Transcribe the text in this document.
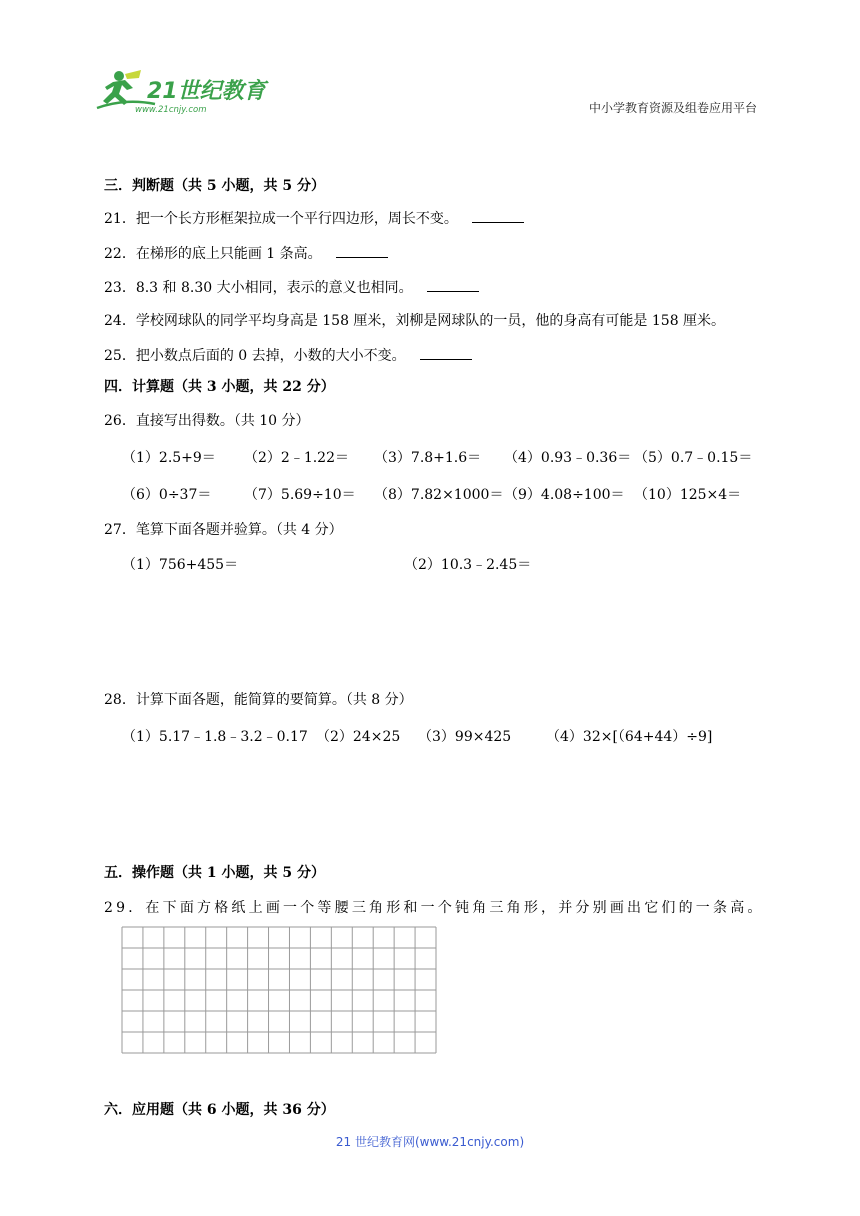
21世纪教育
www.21cnjy.com	中小学教育资源及组卷应用平台
三．判断题（共 5 小题，共 5 分）
21．把一个长方形框架拉成一个平行四边形，周长不变。
22．在梯形的底上只能画 1 条高。
23．8.3 和 8.30 大小相同，表示的意义也相同。
24．学校网球队的同学平均身高是 158 厘米，刘柳是网球队的一员，他的身高有可能是 158 厘米。
25．把小数点后面的 0 去掉，小数的大小不变。
四．计算题（共 3 小题，共 22 分）
26．直接写出得数。（共 10 分）
（1）2.5+9＝ （2）2﹣1.22＝ （3）7.8+1.6＝ （4）0.93﹣0.36＝ （5）0.7﹣0.15＝
（6）0÷37＝ （7）5.69÷10＝ （8）7.82×1000＝ （9）4.08÷100＝ （10）125×4＝
27．笔算下面各题并验算。（共 4 分）
（1）756+455＝	（2）10.3﹣2.45＝
28．计算下面各题，能简算的要简算。（共 8 分）
（1）5.17﹣1.8﹣3.2﹣0.17 （2）24×25 （3）99×425 （4）32×[（64+44）÷9]
五．操作题（共 1 小题，共 5 分）
29．在下面方格纸上画一个等腰三角形和一个钝角三角形，并分别画出它们的一条高。
六．应用题（共 6 小题，共 36 分）
21 世纪教育网(www.21cnjy.com)
